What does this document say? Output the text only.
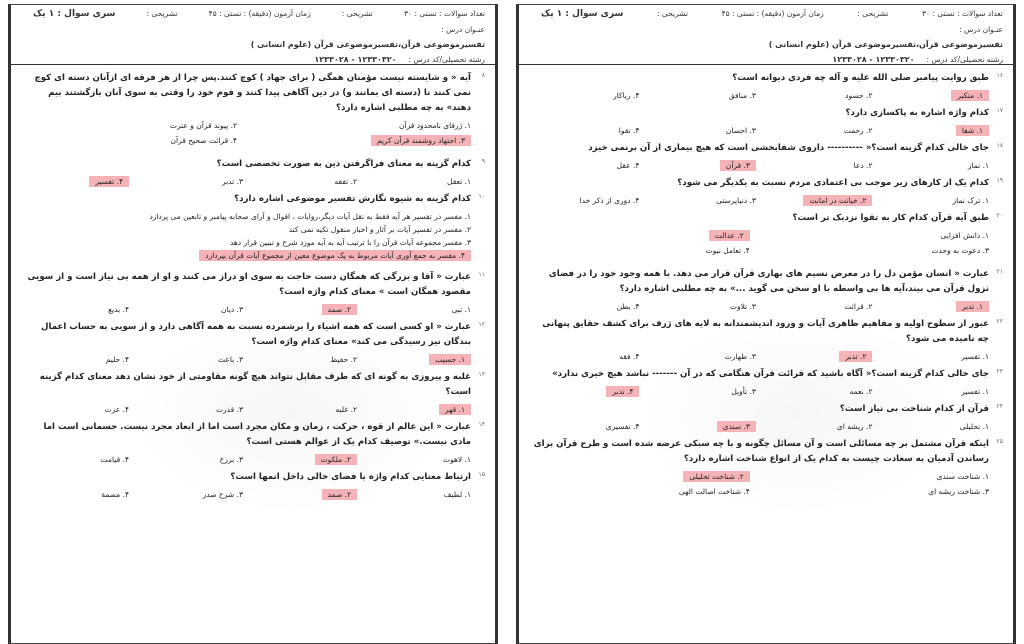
تعداد سوالات : تستی : ۳۰
تشریحی :
زمان آزمون (دقیقه) : تستی : ۴۵
تشریحی :
سری سوال : ۱ یک
عنـوان درس :
تفسیرموضوعی قرآن،تفسیرموضوعی قرآن (علوم انسانی )
رشته تحصیلی/کد درس :
۱۲۳۳۰۳۲۰ - ۱۲۳۳۰۲۸
۸
آیه « و شایسته نیست مؤمنان همگی ( برای جهاد ) کوچ کنند.پس چرا از هر فرقه ای ازآنان دسته ای کوچ نمی کنند تا (دسته ای بمانند و) در دین آگاهی پیدا کنند و قوم خود را وقتی به سوی آنان بازگشتند بیم دهند» به چه مطلبی اشاره دارد؟
۱. ژرفای نامحدود قرآن
۲. پیوند قرآن و عترت
۳. اجتهاد روشمند قرآن کریم
۴. قرائت صحیح قرآن
۹
کدام گزینه به معنای فراگرفتن دین به صورت تخصصی است؟
۱. تعقل
۲. تفقه
۳. تدبر
۴. تفسیر
۱۰
کدام گزینه به شیوه نگارش تفسیر موضوعی اشاره دارد؟
۱. مفسر در تفسیر هر آیه فقط به نقل آیات دیگر،روایات ، اقوال و آرای صحابه پیامبر و تابعین می پردازد
۲. مفسر در تفسیر آیات بر آثار و اخبار منقول تکیه نمی کند
۳. مفسر مجموعه آیات قرآن را با ترتیب آیه به آیه مورد شرح و تبیین قرار دهد
۴. مفسر به جمع آوری آیات مربوط به یک موضوع معین از مجموع آیات قرآن بپردازد
۱۱
عبارت « آقا و بزرگی که همگان دست حاجت به سوی او دراز می کنند و او از همه بی نیاز است و از سویی مقصود همگان است » معنای کدام واژه است؟
۱. نبی
۲. صمد
۳. دیان
۴. بدیع
۱۲
عبارت « او کسی است که همه اشیاء را برشمرده نسبت به همه آگاهی دارد و از سویی به حساب اعمال بندگان نیز رسیدگی می کند» معنای کدام واژه است؟
۱. حسیب
۲. حفیظ
۳. باعث
۴. حلیم
۱۳
غلبه و پیروزی به گونه ای که طرف مقابل نتواند هیچ گونه مقاومتی از خود نشان دهد معنای کدام گزینه است؟
۱. قهر
۲. غلبه
۳. قدرت
۴. عزت
۱۴
عبارت « این عالم از قوه ، حرکت ، زمان و مکان مجرد است اما از ابعاد مجرد نیست. جسمانی است اما مادی نیست.» توصیف کدام یک از عوالم هستی است؟
۱. لاهوت
۲. ملکوت
۳. برزخ
۴. قیامت
۱۵
ارتباط معنایی کدام واژه با فضای خالی داخل انمها است؟
۱. لطیف
۲. صمد
۳. شرح صدر
۴. مصمة
تعداد سوالات : تستی : ۳۰
تشریحی :
زمان آزمون (دقیقه) : تستی : ۴۵
تشریحی :
سری سوال : ۱ یک
عنـوان درس :
تفسیرموضوعی قرآن،تفسیرموضوعی قرآن (علوم انسانی )
رشته تحصیلی/کد درس :
۱۲۳۳۰۳۲۰ - ۱۲۳۳۰۲۸
۱۶
طبق روایت پیامبر صلی الله علیه و آله چه فردی دیوانه است؟
۱. متکبر
۲. حسود
۳. منافق
۴. ریاکار
۱۷
کدام واژه اشاره به پاکسازی دارد؟
۱. شفا
۲. رحمت
۳. احسان
۴. تقوا
۱۸
جای خالی کدام گزینه است؟« ---------- داروی شفابخشی است که هیچ بیماری از آن برنمی خیزد
۱. نماز
۲. دعا
۳. قرآن
۴. عقل
۱۹
کدام یک از کارهای زیر موجب بی اعتمادی مردم نسبت به یکدیگر می شود؟
۱. ترک نماز
۲. خیانت در امانت
۳. دنیاپرستی
۴. دوری از ذکر خدا
۲۰
طبق آیه قرآن کدام کار به تقوا نزدیک تر است؟
۱. دانش افزایی
۲. عدالت
۳. دعوت به وحدت
۴. تعامل نیوت
۲۱
عبارت « انسان مؤمن دل را در معرض نسیم های بهاری قرآن قرار می دهد. با همه وجود خود را در فضای نزول قرآن می بیند،آیه ها بی واسطه با او سخن می گوید ...» به چه مطلبی اشاره دارد؟
۱. تدبر
۲. قرائت
۳. تلاوت
۴. بطن
۲۲
عبور از سطوح اولیه و مفاهیم ظاهری آیات و ورود اندیشمندانه به لایه های ژرف برای کشف حقایق پنهانی چه نامیده می شود؟
۱. تفسیر
۲. تدبر
۳. طهارت
۴. فقه
۲۳
جای خالی کدام گزینه است؟« آگاه باشید که قرائت قرآن هنگامی که در آن ------- نباشد هیچ خیری ندارد»
۱. تفسیر
۲. نعمه
۳. تأویل
۴. تدبر
۲۴
قرآن از کدام شناخت بی نیاز است؟
۱. تحلیلی
۲. ریشه ای
۳. سندی
۴. تفسیری
۲۵
اینکه قرآن مشتمل بر چه مسائلی است و آن مسائل چگونه و با چه سبکی عرضه شده است و طرح قرآن برای رساندن آدمیان به سعادت چیست به کدام یک از انواع شناخت اشاره دارد؟
۱. شناخت سندی
۲. شناخت تحلیلی
۳. شناخت ریشه ای
۴. شناخت اصالت الهی
